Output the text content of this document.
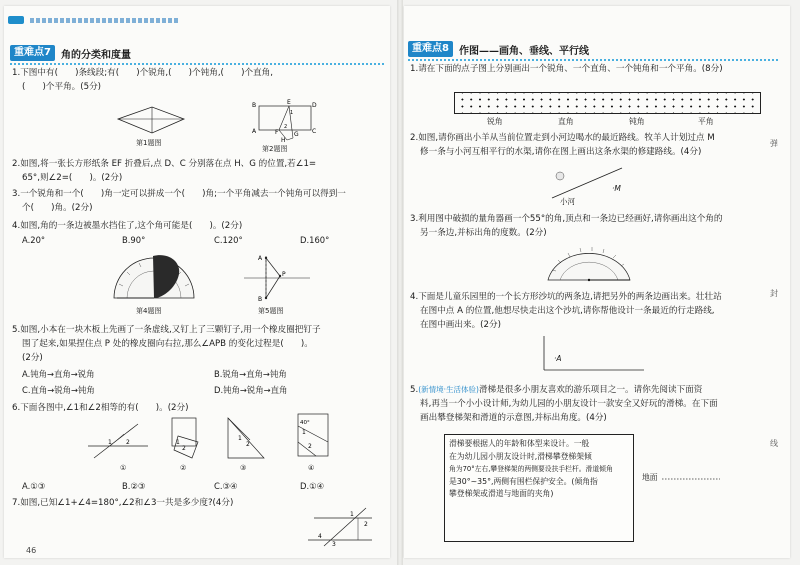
重难点7	角的分类和度量
1.下图中有(　　)条线段;有(　　)个锐角,(　　)个钝角,(　　)个直角,
(　　)个平角。(5分)
第1题图
B	E	D
A	C
G
H
F
1
2
第2题图
2.如图,将一张长方形纸条 EF 折叠后,点 D、C 分别落在点 H、G 的位置,若∠1=
65°,则∠2=(　　)。(2分)
3.一个锐角和一个(　　)角一定可以拼成一个(　　)角;一个平角减去一个钝角可以得到一
个(　　)角。(2分)
4.如图,角的一条边被墨水挡住了,这个角可能是(　　)。(2分)
A.20°	B.90°	C.120°	D.160°
第4题图
A
P
B
第5题图
5.如图,小本在一块木板上先画了一条虚线,又钉上了三颗钉子,用一个橡皮圈把钉子
围了起来,如果捏住点 P 处的橡皮圈向右拉,那么∠APB 的变化过程是(　　)。
(2分)
A.钝角→直角→锐角	B.锐角→直角→钝角
C.直角→锐角→钝角	D.钝角→锐角→直角
6.下面各图中,∠1和∠2相等的有(　　)。(2分)
1 2
①
1
2
②
1
2
③
40°
1
2
④
A.①③	B.②③	C.③④	D.①④
7.如图,已知∠1+∠4=180°,∠2和∠3一共是多少度?(4分)
2
1
3
4
46
重难点8	作图——画角、垂线、平行线
1.请在下面的点子图上分别画出一个锐角、一个直角、一个钝角和一个平角。(8分)
锐角	直角	钝角	平角
2.如图,请你画出小羊从当前位置走到小河边喝水的最近路线。牧羊人计划过点 M
修一条与小河互相平行的水渠,请你在图上画出这条水渠的修建路线。(4分)
小河
·M
3.利用图中破损的量角器画一个55°的角,顶点和一条边已经画好,请你画出这个角的
另一条边,并标出角的度数。(2分)
4.下面是儿童乐园里的一个长方形沙坑的两条边,请把另外的两条边画出来。壮壮站
在图中点 A 的位置,他想尽快走出这个沙坑,请你帮他设计一条最近的行走路线,
在图中画出来。(2分)
·A
5.(新情境·生活体验)滑梯是很多小朋友喜欢的游乐项目之一。请你先阅读下面资
料,再当一个小小设计师,为幼儿园的小朋友设计一款安全又好玩的滑梯。在下面
画出攀登梯架和滑道的示意图,并标出角度。(4分)
滑梯要根据人的年龄和体型来设计。一般
在为幼儿园小朋友设计时,滑梯攀登梯架倾
角为70°左右,攀登梯架的两侧要设扶手栏杆。滑道倾角
是30°~35°,两侧有围栏保护安全。(倾角指
攀登梯架或滑道与地面的夹角)
地面
弹
封
线
